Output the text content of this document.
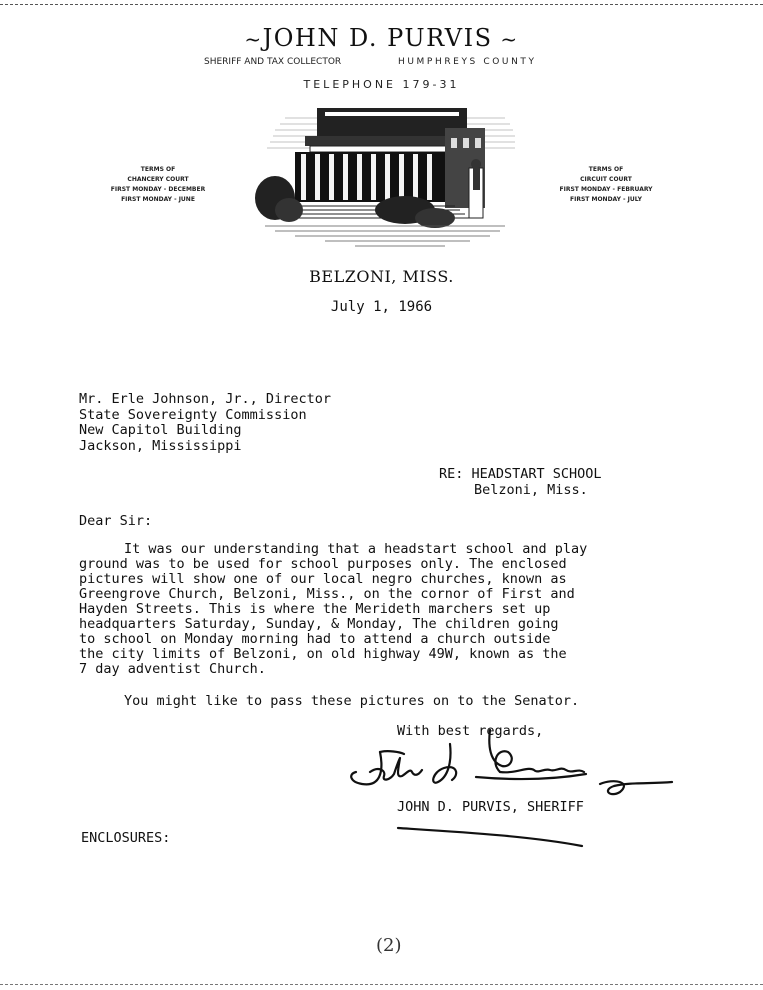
~JOHN D. PURVIS ~
SHERIFF AND TAX COLLECTOR	HUMPHREYS COUNTY
TELEPHONE 179-31
TERMS OF
CHANCERY COURT
FIRST MONDAY - DECEMBER
FIRST MONDAY - JUNE
TERMS OF
CIRCUIT COURT
FIRST MONDAY - FEBRUARY
FIRST MONDAY - JULY
BELZONI, MISS.
July 1, 1966
Mr. Erle Johnson, Jr., Director
State Sovereignty Commission
New Capitol Building
Jackson, Mississippi
RE: HEADSTART SCHOOL
Belzoni, Miss.
Dear Sir:
It was our understanding that a headstart school and play
ground was to be used for school purposes only. The enclosed
pictures will show one of our local negro churches, known as
Greengrove Church, Belzoni, Miss., on the cornor of First and
Hayden Streets. This is where the Merideth marchers set up
headquarters Saturday, Sunday, & Monday, The children going
to school on Monday morning had to attend a church outside
the city limits of Belzoni, on old highway 49W, known as the
7 day adventist Church.
You might like to pass these pictures on to the Senator.
With best regards,
JOHN D. PURVIS, SHERIFF
ENCLOSURES:
(2)
